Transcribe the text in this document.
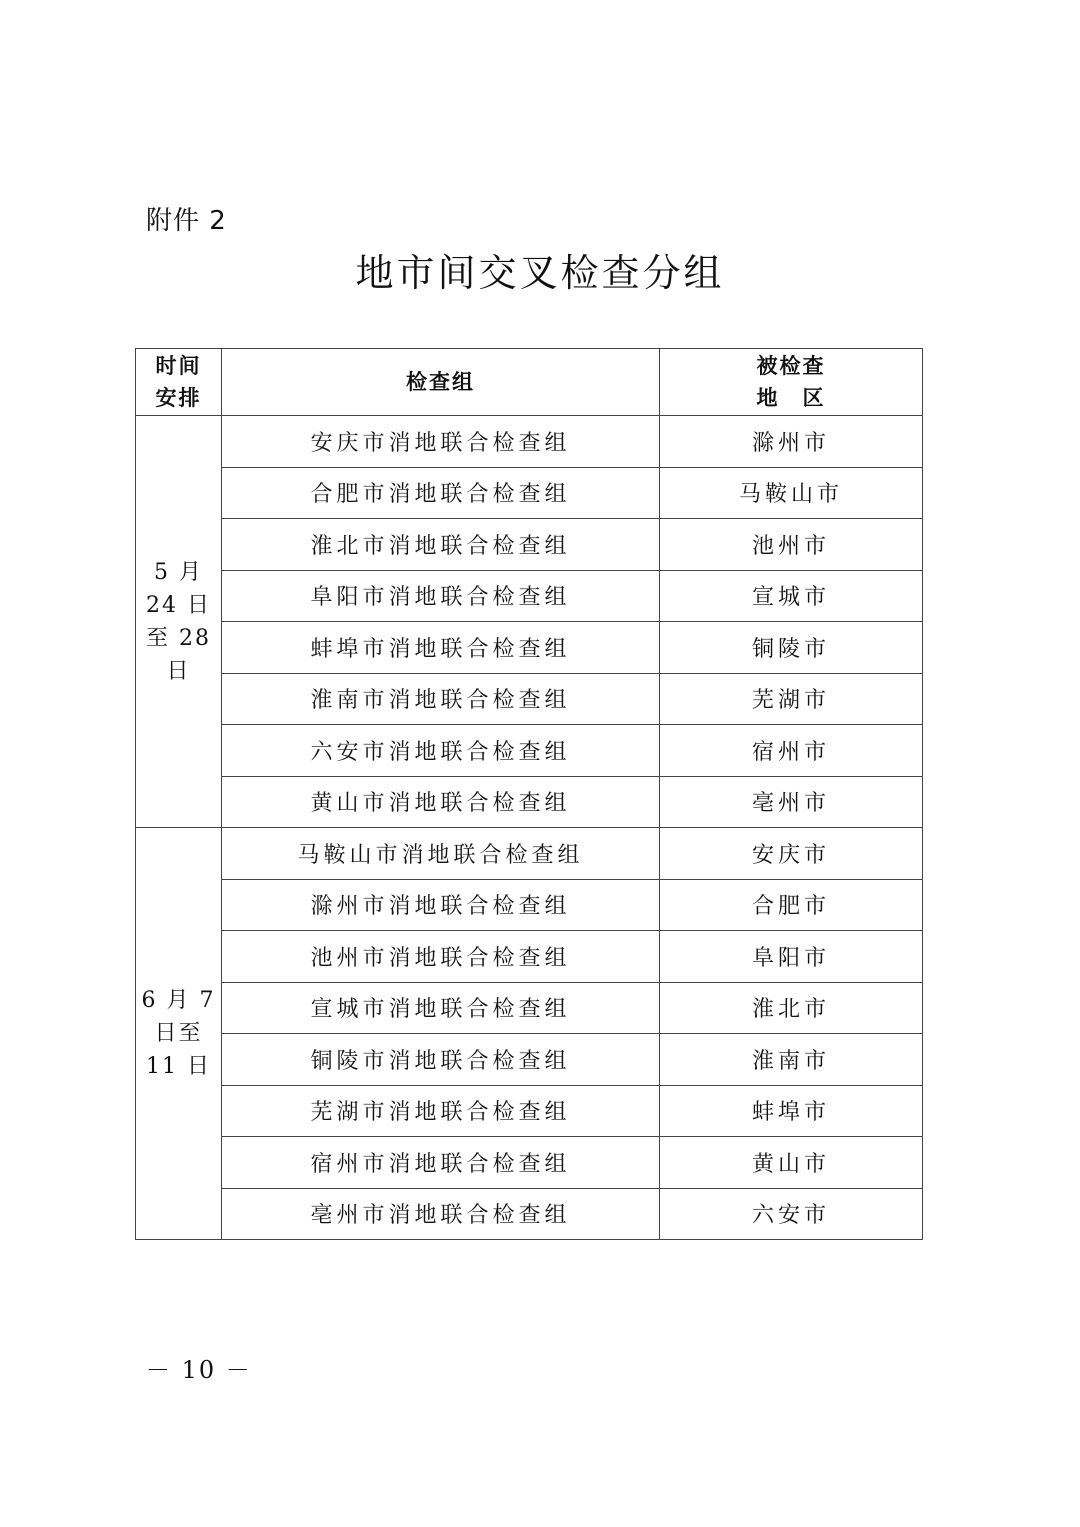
附件 2
地市间交叉检查分组
时间
安排	检查组	被检查
地　区

5 月
24 日
至 28
日	安庆市消地联合检查组	滁州市
	合肥市消地联合检查组	马鞍山市
	淮北市消地联合检查组	池州市
	阜阳市消地联合检查组	宣城市
	蚌埠市消地联合检查组	铜陵市
	淮南市消地联合检查组	芜湖市
	六安市消地联合检查组	宿州市
	黄山市消地联合检查组	亳州市

6 月 7
日至
11 日	马鞍山市消地联合检查组	安庆市
	滁州市消地联合检查组	合肥市
	池州市消地联合检查组	阜阳市
	宣城市消地联合检查组	淮北市
	铜陵市消地联合检查组	淮南市
	芜湖市消地联合检查组	蚌埠市
	宿州市消地联合检查组	黄山市
	亳州市消地联合检查组	六安市
－ 10 －
